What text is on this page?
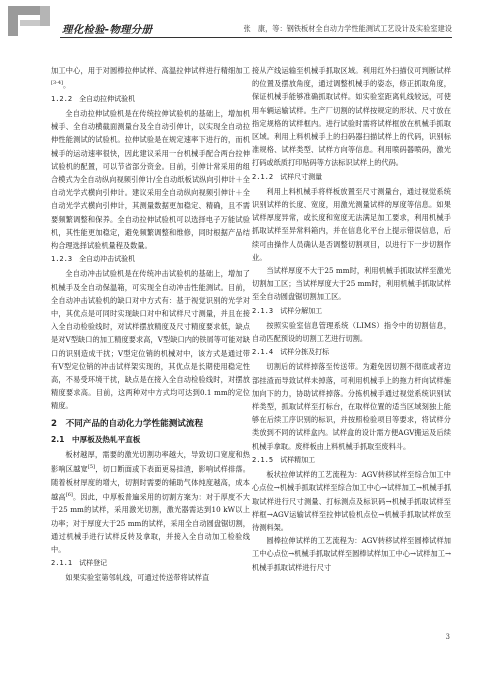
理化检验-物理分册	张　康，等：钢铁板材全自动力学性能测试工艺设计及实验室建设

加工中心，用于对圆棒拉伸试样、高温拉伸试样进行精细加工[3-4]。

1.2.2　全自动拉伸试验机

全自动拉伸试验机是在传统拉伸试验机的基础上，增加机械手、全自动横截面测量台及全自动引伸计，以实现全自动拉伸性能测试的试验机。拉伸试验是在规定速率下进行的，而机械手的运动速率很快，因此建议采用一台机械手配合两台拉伸试验机的配置，可以节省部分资金。目前，引伸计常采用的组合模式为全自动纵向视频引伸计/全自动纸板试纵向引伸计＋全自动光学式横向引伸计。建议采用全自动纵向视频引伸计＋全自动光学式横向引伸计，其测量数据更加稳定、精确，且不需要频繁调整和保养。全自动拉伸试验机可以选择电子万能试验机，其性能更加稳定，避免频繁调整和维修，同时根据产品结构合理选择试验机量程及数量。

1.2.3　全自动冲击试验机

全自动冲击试验机是在传统冲击试验机的基础上，增加了机械手及全自动保温箱，可实现全自动冲击性能测试。目前，全自动冲击试验机的缺口对中方式有：基于视觉识别的光学对中，其优点是可同时实现缺口对中和试样尺寸测量，并且在接入全自动检验线时，对试样摆放精度及尺寸精度要求低，缺点是对V型缺口的加工精度要求高，V型缺口内的铁屑等可能对缺口的识别造成干扰；V型定位销的机械对中，该方式是通过带有V型定位销的冲击试样架实现的，其优点是长期使用稳定性高，不易受环境干扰，缺点是在接入全自动检验线时，对摆放精度要求高。目前，这两种对中方式均可达到0.1 mm的定位精度。

2　不同产品的自动化力学性能测试流程
2.1　中厚板及热轧平直板

板材越厚，需要的激光切割功率越大，导致切口宽度和热影响区越宽[5]，切口断面或下表面更易挂渣，影响试样排落。随着板材厚度的增大，切割时需要的辅助气体纯度越高，成本越高[6]。因此，中厚板普遍采用的切割方案为：对于厚度不大于25 mm的试样，采用激光切割，激光器需达到10 kW以上功率；对于厚度大于25 mm的试样，采用全自动圆盘锯切割，通过机械手进行试样反转及拿取，并接入全自动加工检验线中。

2.1.1　试样登记

如果实验室第邻轧线，可通过传送带将试样直

接从产线运输至机械手抓取区域。利用红外扫描仪可判断试样的位置及摆放角度，通过调整机械手的姿态，修正抓取角度，保证机械手能够准确抓取试样。如实验室距离轧线较远，可使用车辆运输试样。生产厂切割的试样按规定的形状、尺寸放在指定规格的试样框内。进行试验时需将试样框放在机械手抓取区域。利用上料机械手上的扫码器扫描试样上的代码，识别标准规格、试样类型、试样方向等信息。利用喷码器喷码，激光打码或纸质打印贴码等方法标识试样上的代码。

2.1.2　试样尺寸测量

利用上料机械手将样板放置至尺寸测量台，通过视觉系统识别试样的长度、宽度，用激光测量试样的厚度等信息。如果试样厚度异常，或长度和宽度无法满足加工要求，利用机械手抓取试样至异常料箱内，并在信息化平台上提示错误信息，后续可由操作人员确认是否调整切割项目，以进行下一步切割作业。

当试样厚度不大于25 mm时，利用机械手抓取试样至激光切割加工区；当试样厚度大于25 mm时，利用机械手抓取试样至全自动圆盘锯切割加工区。

2.1.3　试样分解加工

按照实验室信息管理系统（LIMS）指令中的切割信息，自动匹配预设的切割工艺进行切割。

2.1.4　试样分拣及打标

切割后的试样掉落至传送带。为避免因切割不彻底或者边部挂渣而导致试样未掉落，可利用机械手上的拖力杆向试样施加向下的力，协助试样掉落。分拣机械手通过视觉系统识别试样类型，抓取试样至打标台，在取样位置的适当区域刻独上能够在后续工序识别的标识，并按照检验项目等要求，将试样分类放到不同的试样盒内。试样盒的设计需方便AGV搬运及后续机械手拿取。废样板由上料机械手抓取至废料斗。

2.1.5　试样精加工

板状拉伸试样的工艺流程为：AGV转移试样至综合加工中心点位→机械手抓取试样至综合加工中心→试样加工→机械手抓取试样进行尺寸测量、打标测点及标识码→机械手抓取试样至样框→AGV运输试样至拉伸试验机点位→机械手抓取试样放至待测料架。

圆棒拉伸试样的工艺流程为：AGV转移试样至圆棒试样加工中心点位→机械手抓取试样至圆棒试样加工中心→试样加工→机械手抓取试样进行尺寸

3
